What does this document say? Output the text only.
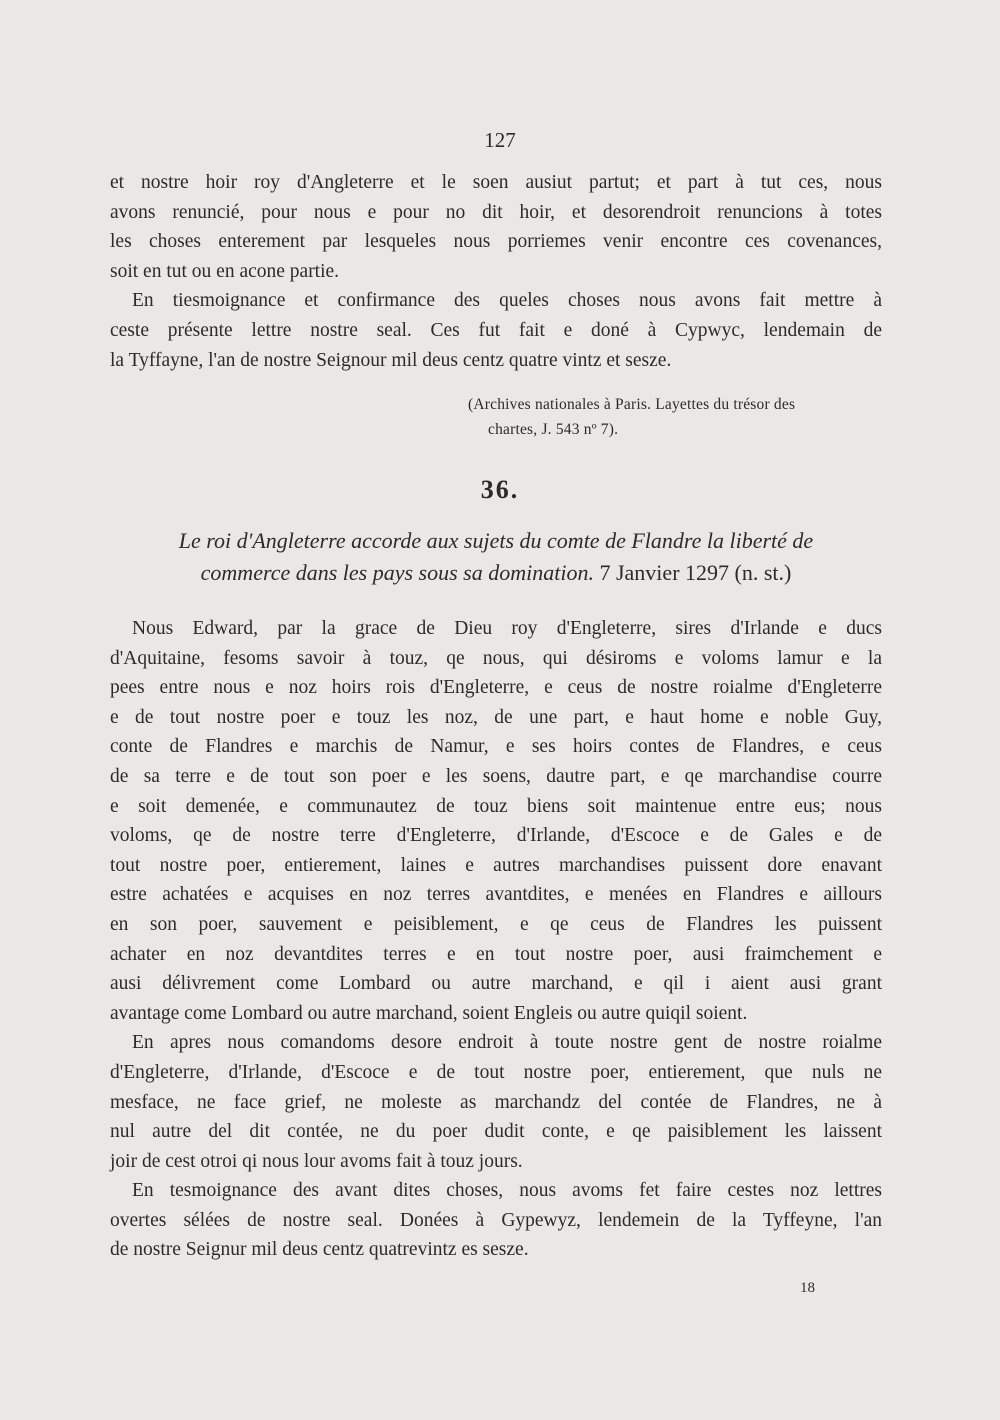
127
et nostre hoir roy d'Angleterre et le soen ausiut partut; et part à tut ces, nous
avons renuncié, pour nous e pour no dit hoir, et desorendroit renuncions à totes
les choses enterement par lesqueles nous porriemes venir encontre ces covenances,
soit en tut ou en acone partie.
En tiesmoignance et confirmance des queles choses nous avons fait mettre à
ceste présente lettre nostre seal. Ces fut fait e doné à Cypwyc, lendemain de
la Tyffayne, l'an de nostre Seignour mil deus centz quatre vintz et sesze.
(Archives nationales à Paris. Layettes du trésor des
chartes, J. 543 nº 7).
36.
Le roi d'Angleterre accorde aux sujets du comte de Flandre la liberté de
commerce dans les pays sous sa domination. 7 Janvier 1297 (n. st.)
Nous Edward, par la grace de Dieu roy d'Engleterre, sires d'Irlande e ducs
d'Aquitaine, fesoms savoir à touz, qe nous, qui désiroms e voloms lamur e la
pees entre nous e noz hoirs rois d'Engleterre, e ceus de nostre roialme d'Engleterre
e de tout nostre poer e touz les noz, de une part, e haut home e noble Guy,
conte de Flandres e marchis de Namur, e ses hoirs contes de Flandres, e ceus
de sa terre e de tout son poer e les soens, dautre part, e qe marchandise courre
e soit demenée, e communautez de touz biens soit maintenue entre eus; nous
voloms, qe de nostre terre d'Engleterre, d'Irlande, d'Escoce e de Gales e de
tout nostre poer, entierement, laines e autres marchandises puissent dore enavant
estre achatées e acquises en noz terres avantdites, e menées en Flandres e aillours
en son poer, sauvement e peisiblement, e qe ceus de Flandres les puissent
achater en noz devantdites terres e en tout nostre poer, ausi fraimchement e
ausi délivrement come Lombard ou autre marchand, e qil i aient ausi grant
avantage come Lombard ou autre marchand, soient Engleis ou autre quiqil soient.
En apres nous comandoms desore endroit à toute nostre gent de nostre roialme
d'Engleterre, d'Irlande, d'Escoce e de tout nostre poer, entierement, que nuls ne
mesface, ne face grief, ne moleste as marchandz del contée de Flandres, ne à
nul autre del dit contée, ne du poer dudit conte, e qe paisiblement les laissent
joir de cest otroi qi nous lour avoms fait à touz jours.
En tesmoignance des avant dites choses, nous avoms fet faire cestes noz lettres
overtes sélées de nostre seal. Donées à Gypewyz, lendemein de la Tyffeyne, l'an
de nostre Seignur mil deus centz quatrevintz es sesze.
18
